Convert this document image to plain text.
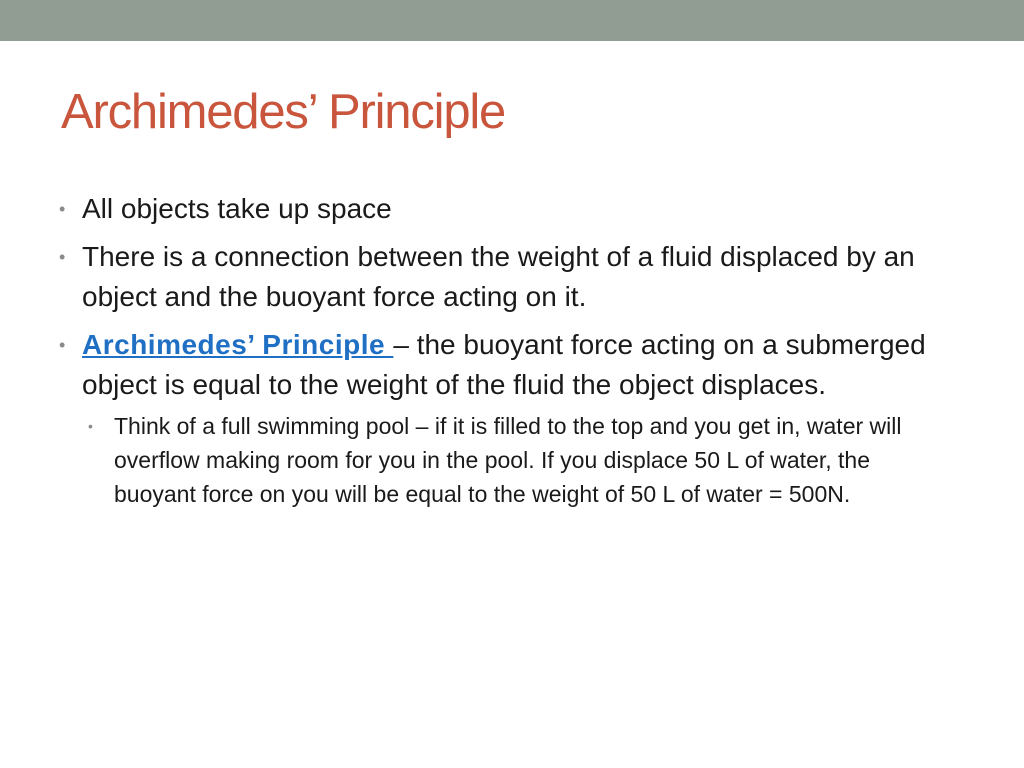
Archimedes’ Principle
• All objects take up space
• There is a connection between the weight of a fluid displaced by an object and the buoyant force acting on it.
• Archimedes’ Principle – the buoyant force acting on a submerged object is equal to the weight of the fluid the object displaces.
• Think of a full swimming pool – if it is filled to the top and you get in, water will overflow making room for you in the pool. If you displace 50 L of water, the buoyant force on you will be equal to the weight of 50 L of water = 500N.
